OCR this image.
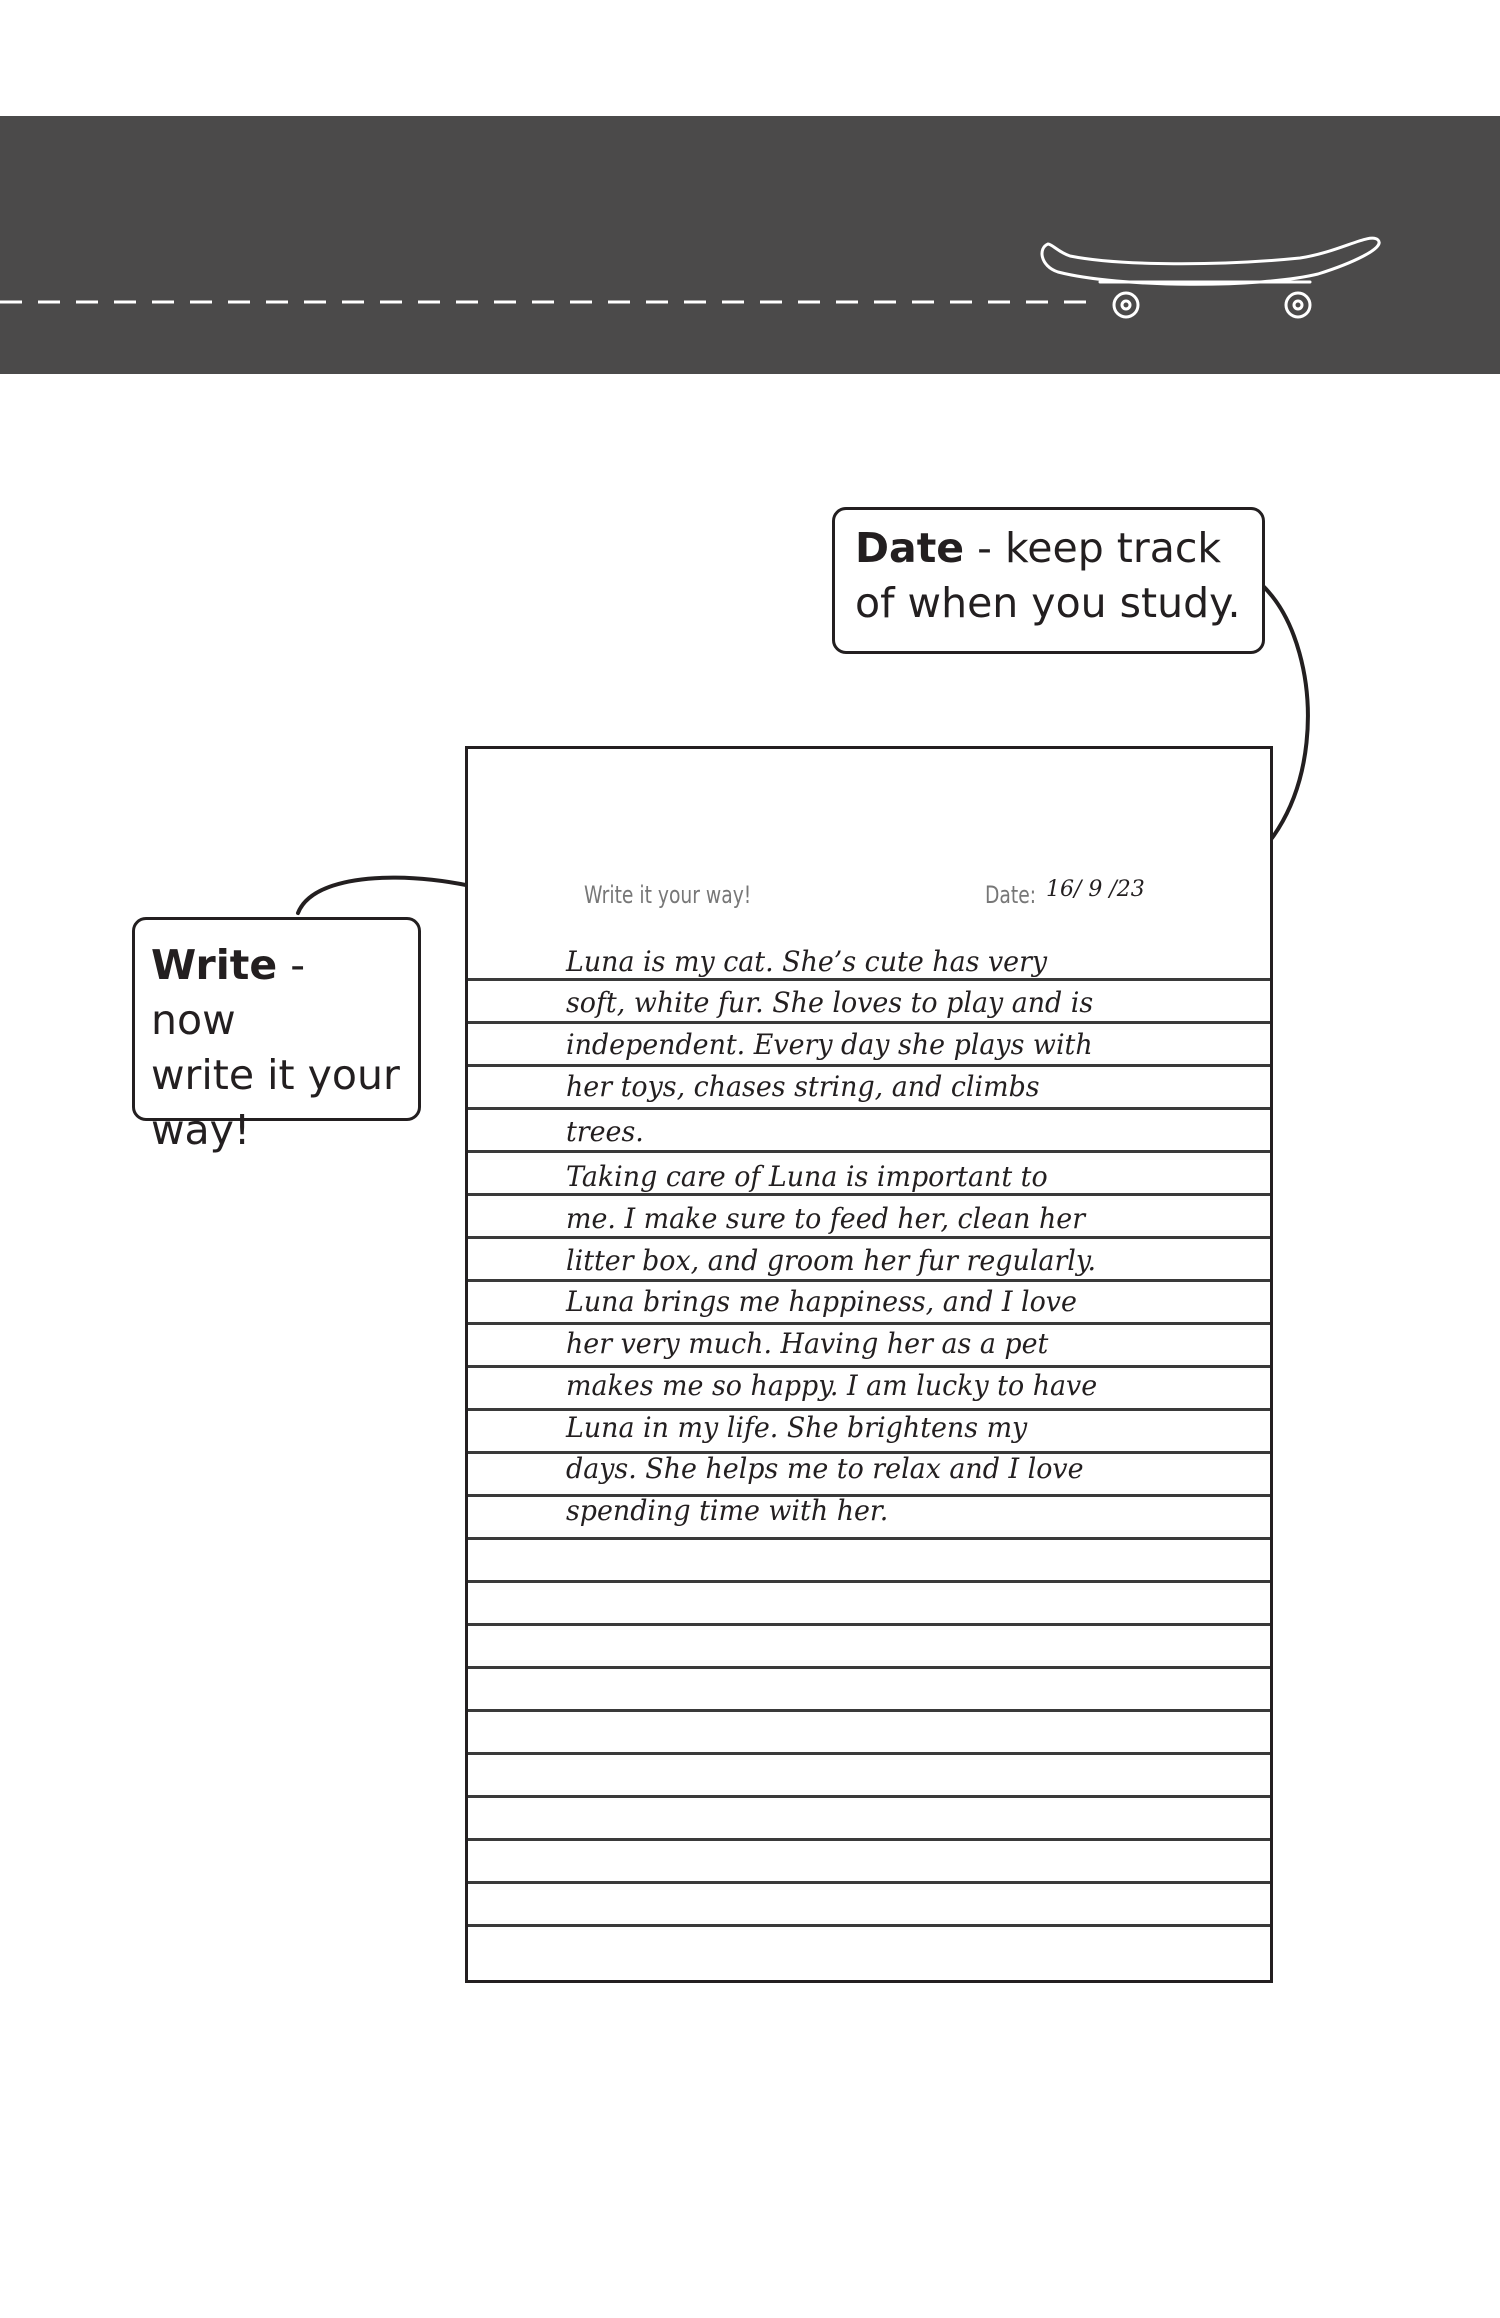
Date - keep track
of when you study.
Write - now
write it your
way!
Write it your way!	Date: 16/ 9 /23
Luna is my cat. She’s cute has very
soft, white fur. She loves to play and is
independent. Every day she plays with
her toys, chases string, and climbs
trees.
Taking care of Luna is important to
me. I make sure to feed her, clean her
litter box, and groom her fur regularly.
Luna brings me happiness, and I love
her very much. Having her as a pet
makes me so happy. I am lucky to have
Luna in my life. She brightens my
days. She helps me to relax and I love
spending time with her.
